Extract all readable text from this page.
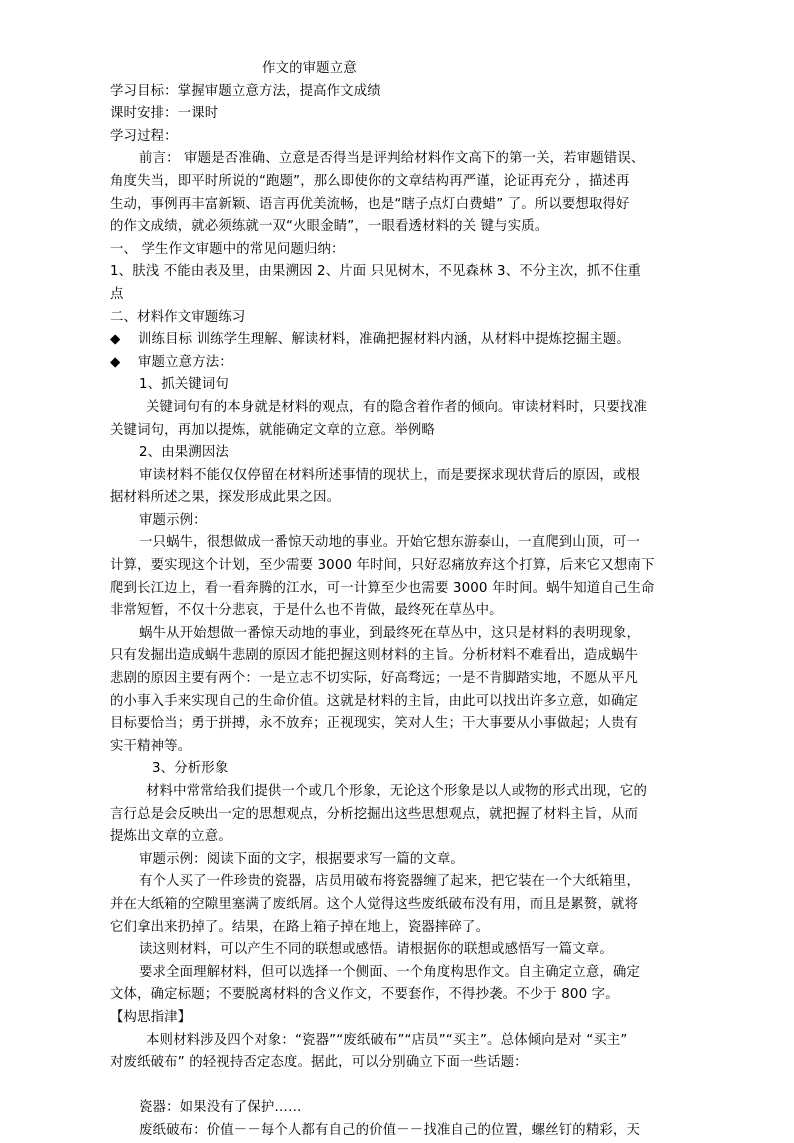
作文的审题立意
学习目标：掌握审题立意方法，提高作文成绩
课时安排：一课时
学习过程：
前言： 审题是否准确、立意是否得当是评判给材料作文高下的第一关，若审题错误、
角度失当，即平时所说的“跑题”，那么即使你的文章结构再严谨，论证再充分 ，描述再
生动，事例再丰富新颖、语言再优美流畅，也是“瞎子点灯白费蜡” 了。所以要想取得好
的作文成绩，就必须练就一双“火眼金睛”，一眼看透材料的关 键与实质。
一、 学生作文审题中的常见问题归纳：
1、肤浅 不能由表及里，由果溯因 2、片面 只见树木，不见森林 3、不分主次，抓不住重
点
二、材料作文审题练习
◆ 训练目标 训练学生理解、解读材料，准确把握材料内涵，从材料中提炼挖掘主题。
◆ 审题立意方法：
1、抓关键词句
关键词句有的本身就是材料的观点，有的隐含着作者的倾向。审读材料时，只要找准
关键词句，再加以提炼，就能确定文章的立意。举例略
2、由果溯因法
审读材料不能仅仅停留在材料所述事情的现状上，而是要探求现状背后的原因，或根
据材料所述之果，探发形成此果之因。
审题示例：
一只蜗牛，很想做成一番惊天动地的事业。开始它想东游泰山，一直爬到山顶，可一
计算，要实现这个计划，至少需要 3000 年时间，只好忍痛放弃这个打算，后来它又想南下
爬到长江边上，看一看奔腾的江水，可一计算至少也需要 3000 年时间。蜗牛知道自己生命
非常短暂，不仅十分悲哀，于是什么也不肯做，最终死在草丛中。
蜗牛从开始想做一番惊天动地的事业，到最终死在草丛中，这只是材料的表明现象，
只有发掘出造成蜗牛悲剧的原因才能把握这则材料的主旨。分析材料不难看出，造成蜗牛
悲剧的原因主要有两个：一是立志不切实际，好高骛远；一是不肯脚踏实地，不愿从平凡
的小事入手来实现自己的生命价值。这就是材料的主旨，由此可以找出许多立意，如确定
目标要恰当；勇于拼搏，永不放弃；正视现实，笑对人生；干大事要从小事做起；人贵有
实干精神等。
3、分析形象
材料中常常给我们提供一个或几个形象，无论这个形象是以人或物的形式出现，它的
言行总是会反映出一定的思想观点，分析挖掘出这些思想观点，就把握了材料主旨，从而
提炼出文章的立意。
审题示例：阅读下面的文字，根据要求写一篇的文章。
有个人买了一件珍贵的瓷器，店员用破布将瓷器缠了起来，把它装在一个大纸箱里，
并在大纸箱的空隙里塞满了废纸屑。这个人觉得这些废纸破布没有用，而且是累赘，就将
它们拿出来扔掉了。结果，在路上箱子掉在地上，瓷器摔碎了。
读这则材料，可以产生不同的联想或感悟。请根据你的联想或感悟写一篇文章。
要求全面理解材料，但可以选择一个侧面、一个角度构思作文。自主确定立意，确定
文体，确定标题；不要脱离材料的含义作文，不要套作，不得抄袭。不少于 800 字。
【构思指津】
本则材料涉及四个对象：“瓷器”“废纸破布”“店员”“买主”。总体倾向是对 “买主”
对废纸破布” 的轻视持否定态度。据此，可以分别确立下面一些话题：
瓷器：如果没有了保护……
废纸破布：价值－－每个人都有自己的价值－－找准自己的位置，螺丝钉的精彩，天
